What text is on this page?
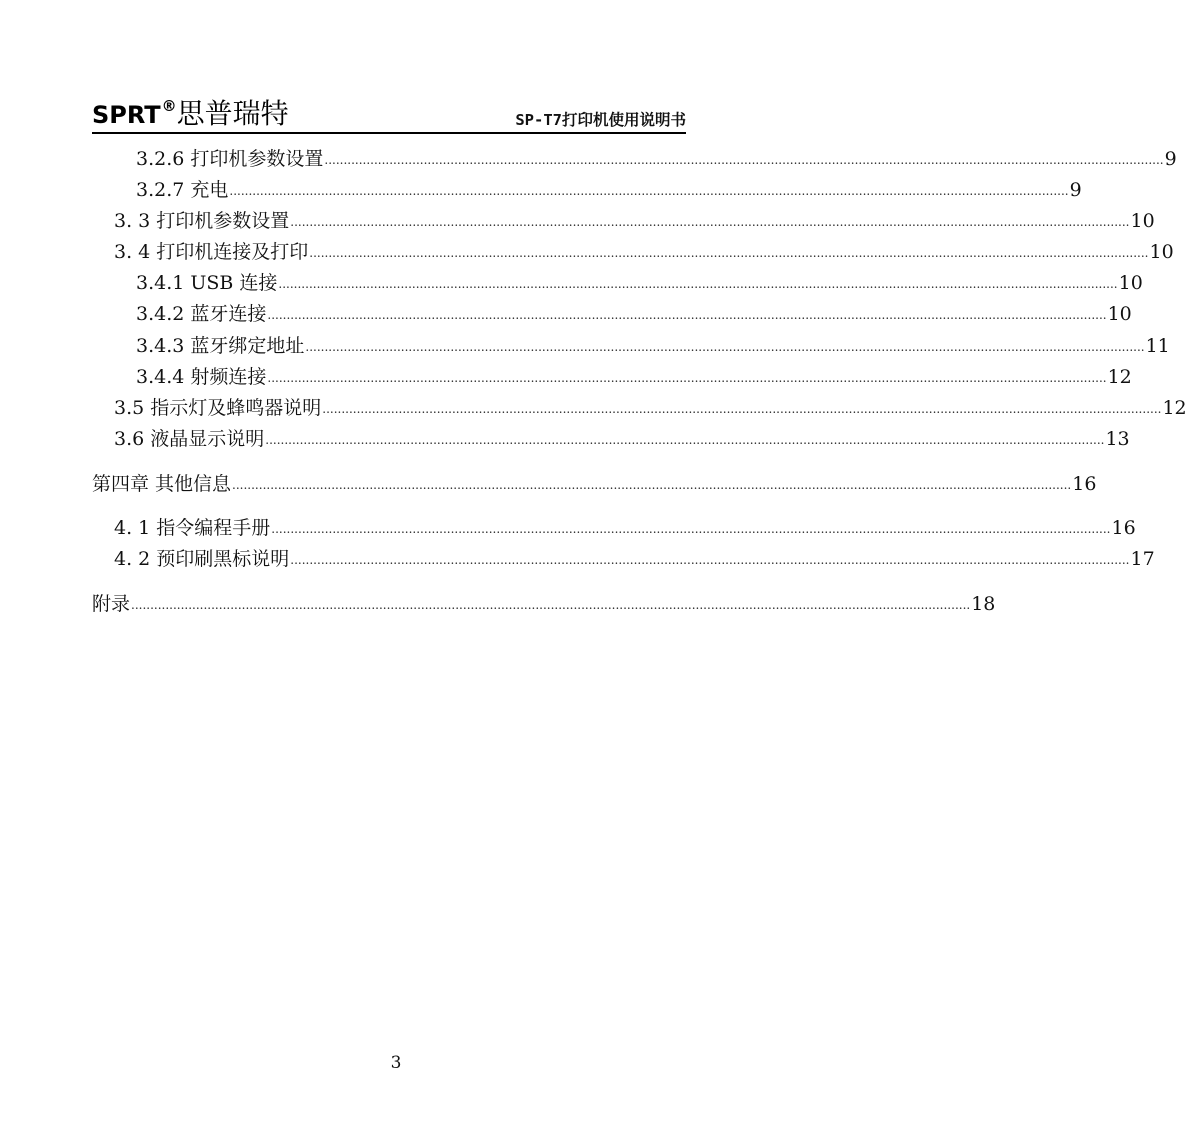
SPRT®思普瑞特	SP-T7打印机使用说明书
3.2.6 打印机参数设置 ............................................................................................................................................................................................................................ 9
3.2.7 充电 ............................................................................................................................................................................................................................ 9
3. 3 打印机参数设置 ............................................................................................................................................................................................................................ 10
3. 4 打印机连接及打印 ............................................................................................................................................................................................................................ 10
3.4.1 USB 连接 ............................................................................................................................................................................................................................ 10
3.4.2 蓝牙连接 ............................................................................................................................................................................................................................ 10
3.4.3 蓝牙绑定地址 ............................................................................................................................................................................................................................ 11
3.4.4 射频连接 ............................................................................................................................................................................................................................ 12
3.5 指示灯及蜂鸣器说明 ............................................................................................................................................................................................................................ 12
3.6 液晶显示说明 ............................................................................................................................................................................................................................ 13
第四章 其他信息 ............................................................................................................................................................................................................................ 16
4. 1 指令编程手册 ............................................................................................................................................................................................................................ 16
4. 2 预印刷黑标说明 ............................................................................................................................................................................................................................ 17
附录 ............................................................................................................................................................................................................................ 18
3
